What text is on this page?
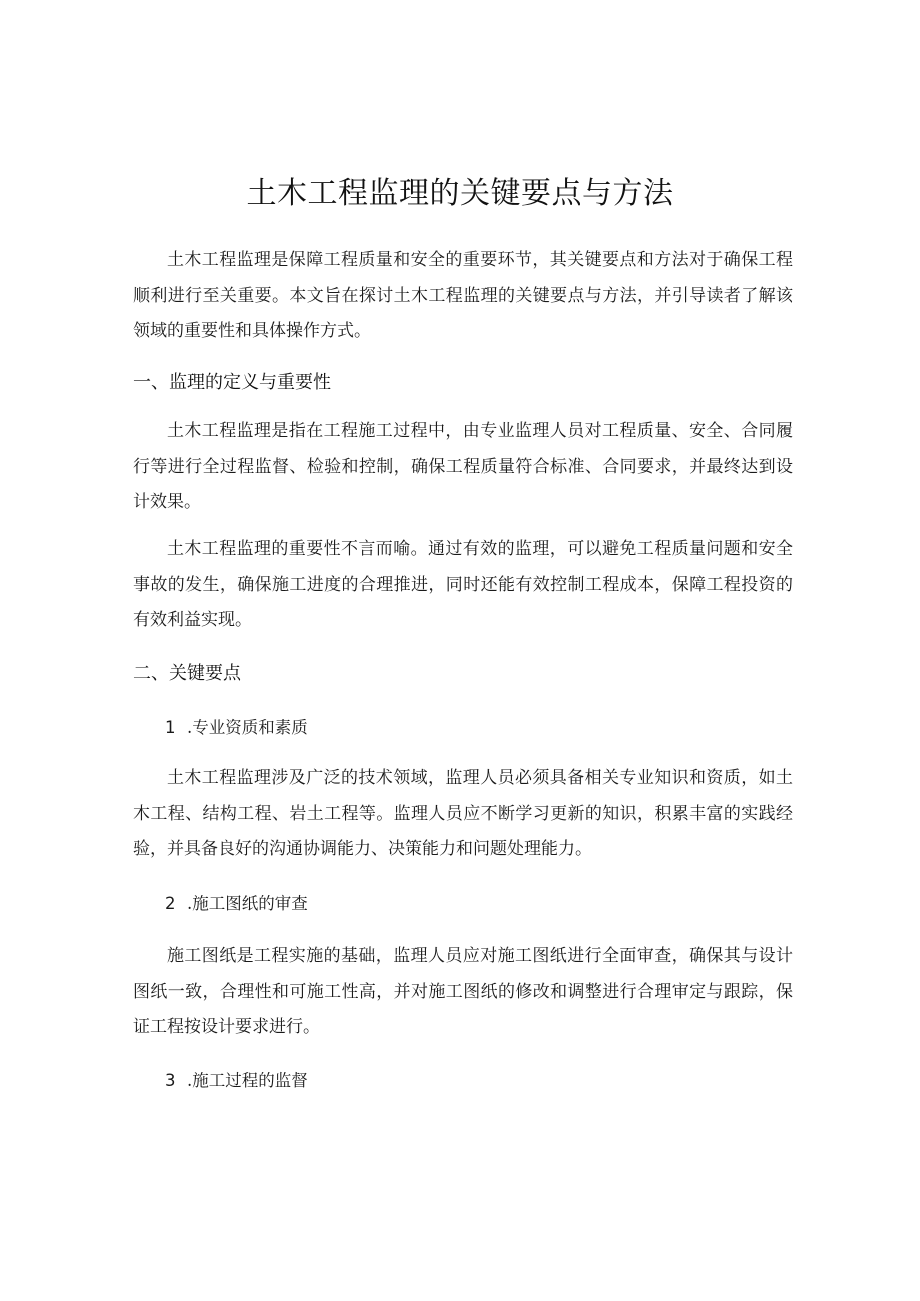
土木工程监理的关键要点与方法

土木工程监理是保障工程质量和安全的重要环节，其关键要点和方法对于确保工程顺利进行至关重要。本文旨在探讨土木工程监理的关键要点与方法，并引导读者了解该领域的重要性和具体操作方式。

一、监理的定义与重要性

土木工程监理是指在工程施工过程中，由专业监理人员对工程质量、安全、合同履行等进行全过程监督、检验和控制，确保工程质量符合标准、合同要求，并最终达到设计效果。

土木工程监理的重要性不言而喻。通过有效的监理，可以避免工程质量问题和安全事故的发生，确保施工进度的合理推进，同时还能有效控制工程成本，保障工程投资的有效利益实现。

二、关键要点

1 .专业资质和素质

土木工程监理涉及广泛的技术领域，监理人员必须具备相关专业知识和资质，如土木工程、结构工程、岩土工程等。监理人员应不断学习更新的知识，积累丰富的实践经验，并具备良好的沟通协调能力、决策能力和问题处理能力。

2 .施工图纸的审查

施工图纸是工程实施的基础，监理人员应对施工图纸进行全面审查，确保其与设计图纸一致，合理性和可施工性高，并对施工图纸的修改和调整进行合理审定与跟踪，保证工程按设计要求进行。

3 .施工过程的监督
